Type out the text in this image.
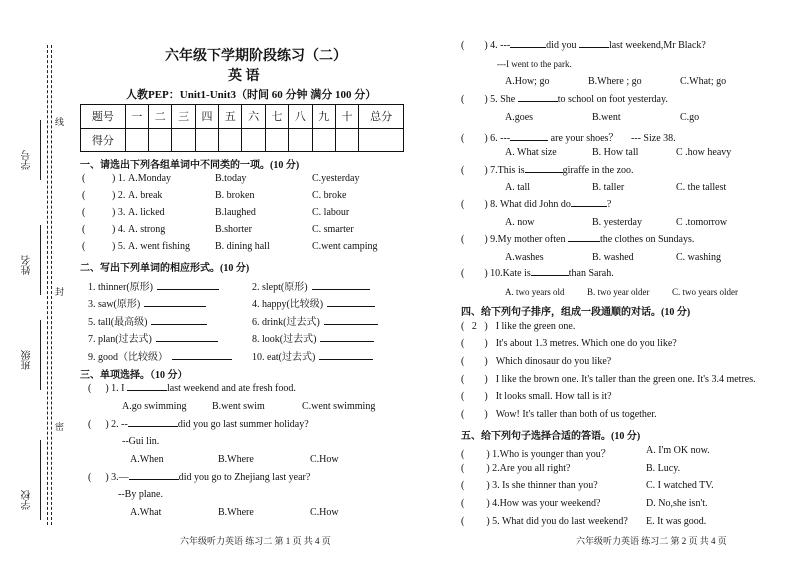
线
封
密
学号
姓名
班级
学校
六年级下学期阶段练习（二）
英 语
人教PEP：Unit1-Unit3（时间 60 分钟 满分 100 分）
题号	一	二	三	四	五	六	七	八	九	十	总分
得分											
一、请选出下列各组单词中不同类的一项。(10 分)
(	) 1. A.Monday	B.today	C.yesterday
(	) 2. A. break	B. broken	C. broke
(	) 3. A. licked	B.laughed	C. labour
(	) 4. A. strong	B.shorter	C. smarter
(	) 5. A. went fishing	B. dining hall	C.went camping
二、写出下列单词的相应形式。(10 分)
1. thinner(原形)	2. slept(原形)
3. saw(原形)	4. happy(比较级)
5. tall(最高级)	6. drink(过去式)
7. plan(过去式)	8. look(过去式)
9. good（比较级）	10. eat(过去式)
三、单项选择。（10 分）
( ) 1. I	last weekend and ate fresh food.
A.go swimming	B.went swim	C.went swimming
( ) 2. --	did you go last summer holiday?
--Gui lin.
A.When	B.Where	C.How
( ) 3.—	did you go to Zhejiang last year?
--By plane.
A.What	B.Where	C.How
六年级听力英语 练习二 第 1 页 共 4 页
( ) 4. ---	did you	last weekend,Mr Black?
---I went to the park.
A.How; go	B.Where ; go	C.What; go
( ) 5. She	to school on foot yesterday.
A.goes	B.went	C.go
( ) 6. ---	are your shoes？ --- Size 38.
A. What size	B. How tall	C .how heavy
( ) 7.This is	giraffe in the zoo.
A. tall	B. taller	C. the tallest
( ) 8. What did John do	?
A. now	B. yesterday	C .tomorrow
( ) 9.My mother often	the clothes on Sundays.
A.washes	B. washed	C. washing
( ) 10.Kate is	than Sarah.
A. two years old	B. two year older	C. two years older
四、给下列句子排序，组成一段通顺的对话。(10 分)
( 2 ) I like the green one.
( ) It's about 1.3 metres. Which one do you like?
( ) Which dinosaur do you like?
( ) I like the brown one. It's taller than the green one. It's 3.4 metres.
( ) It looks small. How tall is it?
( ) Wow! It's taller than both of us together.
五、给下列句子选择合适的答语。(10 分)
( ) 1.Who is younger than you？	A. I'm OK now.
( ) 2.Are you all right?	B. Lucy.
( ) 3. Is she thinner than you?	C. I watched TV.
( ) 4.How was your weekend?	D. No,she isn't.
( ) 5. What did you do last weekend? E. It was good.
六年级听力英语 练习二 第 2 页 共 4 页
